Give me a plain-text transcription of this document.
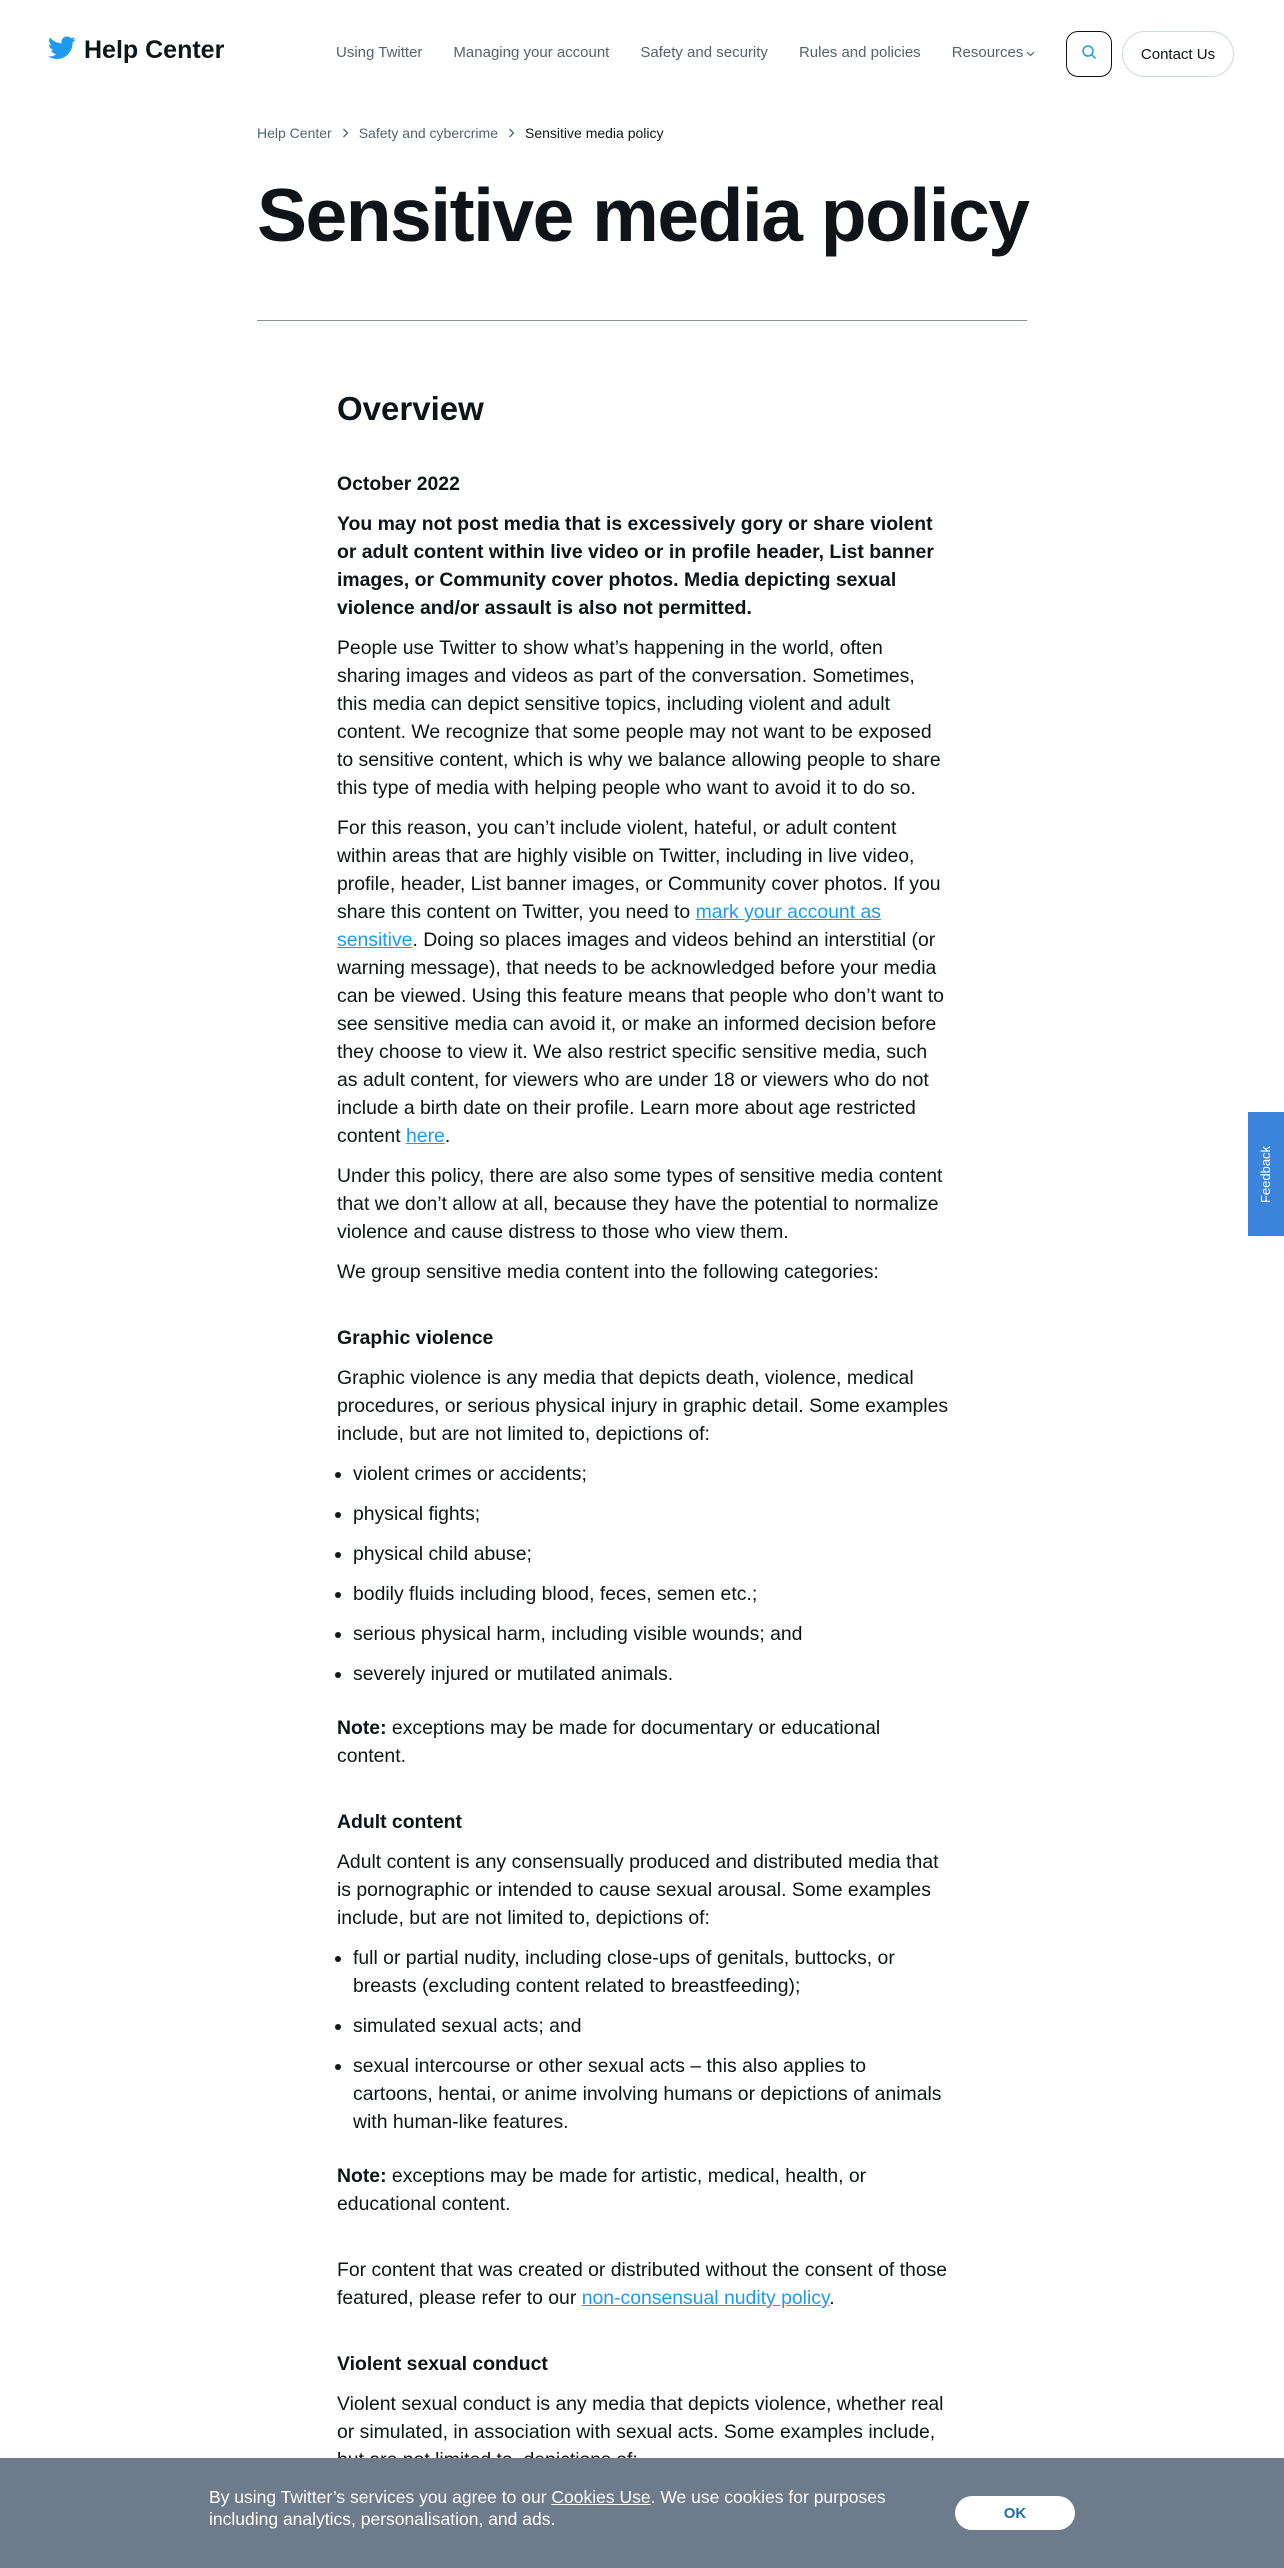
Help Center	Using Twitter Managing your account Safety and security Rules and policies Resources	Contact Us
Help Center Safety and cybercrime Sensitive media policy
Sensitive media policy
Overview
October 2022

You may not post media that is excessively gory or share violent or adult content within live video or in profile header, List banner images, or Community cover photos. Media depicting sexual violence and/or assault is also not permitted.

People use Twitter to show what’s happening in the world, often sharing images and videos as part of the conversation. Sometimes, this media can depict sensitive topics, including violent and adult content. We recognize that some people may not want to be exposed to sensitive content, which is why we balance allowing people to share this type of media with helping people who want to avoid it to do so.

For this reason, you can’t include violent, hateful, or adult content within areas that are highly visible on Twitter, including in live video, profile, header, List banner images, or Community cover photos. If you share this content on Twitter, you need to mark your account as sensitive. Doing so places images and videos behind an interstitial (or warning message), that needs to be acknowledged before your media can be viewed. Using this feature means that people who don’t want to see sensitive media can avoid it, or make an informed decision before they choose to view it. We also restrict specific sensitive media, such as adult content, for viewers who are under 18 or viewers who do not include a birth date on their profile. Learn more about age restricted content here.

Under this policy, there are also some types of sensitive media content that we don’t allow at all, because they have the potential to normalize violence and cause distress to those who view them.

We group sensitive media content into the following categories:

Graphic violence

Graphic violence is any media that depicts death, violence, medical procedures, or serious physical injury in graphic detail. Some examples include, but are not limited to, depictions of:

• violent crimes or accidents;
• physical fights;
• physical child abuse;
• bodily fluids including blood, feces, semen etc.;
• serious physical harm, including visible wounds; and
• severely injured or mutilated animals.

Note: exceptions may be made for documentary or educational content.

Adult content

Adult content is any consensually produced and distributed media that is pornographic or intended to cause sexual arousal. Some examples include, but are not limited to, depictions of:

• full or partial nudity, including close-ups of genitals, buttocks, or breasts (excluding content related to breastfeeding);
• simulated sexual acts; and
• sexual intercourse or other sexual acts – this also applies to cartoons, hentai, or anime involving humans or depictions of animals with human-like features.

Note: exceptions may be made for artistic, medical, health, or educational content.

For content that was created or distributed without the consent of those featured, please refer to our non-consensual nudity policy.

Violent sexual conduct

Violent sexual conduct is any media that depicts violence, whether real or simulated, in association with sexual acts. Some examples include,

Feedback
By using Twitter’s services you agree to our Cookies Use. We use cookies for purposes including analytics, personalisation, and ads.	OK
